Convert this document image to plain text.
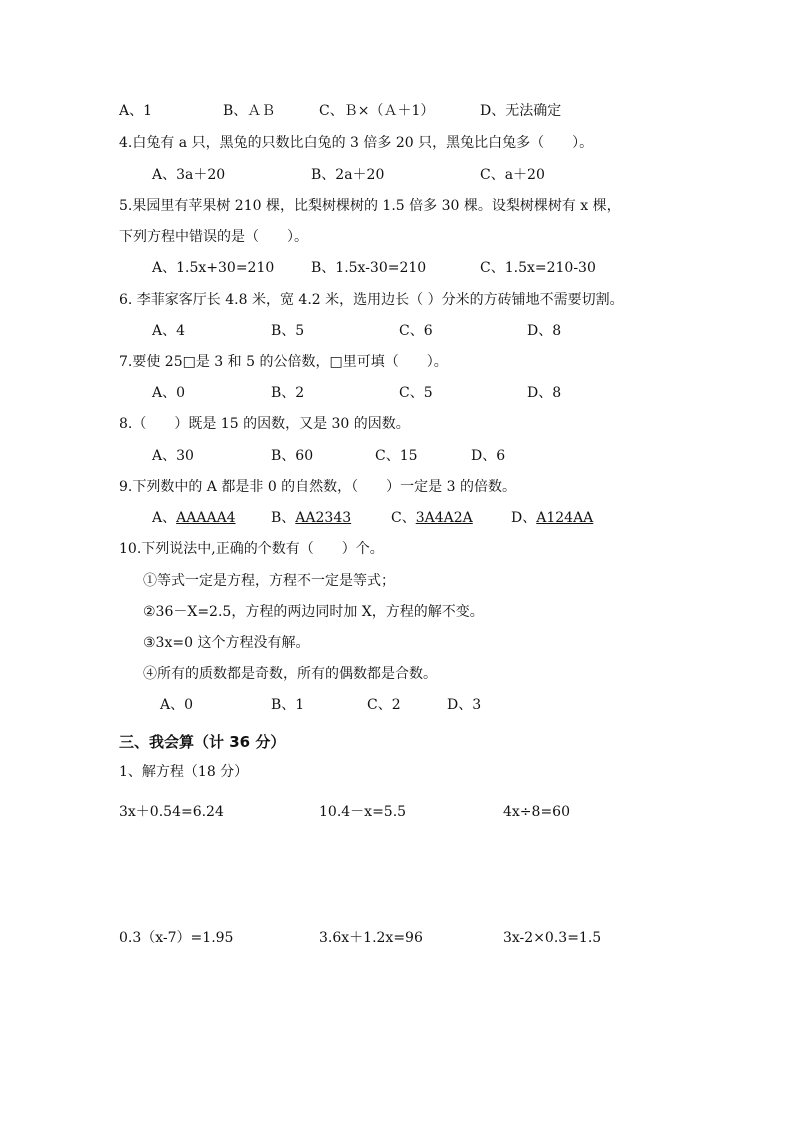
A、1	B、ＡＢ	C、Ｂ×（Ａ＋1）	D、无法确定
4.白兔有 a 只，黑兔的只数比白兔的 3 倍多 20 只，黑兔比白兔多（　　）。
A、3a＋20	B、2a＋20	C、a＋20
5.果园里有苹果树 210 棵，比梨树棵树的 1.5 倍多 30 棵。设梨树棵树有 x 棵，
下列方程中错误的是（　　）。
A、1.5x+30=210	B、1.5x-30=210	C、1.5x=210-30
6. 李菲家客厅长 4.8 米，宽 4.2 米，选用边长（ ）分米的方砖铺地不需要切割。
A、4	B、5	C、6	D、8
7.要使 25□是 3 和 5 的公倍数，□里可填（　　）。
A、0	B、2	C、5	D、8
8.（　　）既是 15 的因数，又是 30 的因数。
A、30	B、60	C、15	D、6
9.下列数中的 A 都是非 0 的自然数，（　　）一定是 3 的倍数。
A、AAAAA4	B、AA2343	C、3A4A2A	D、A124AA
10.下列说法中,正确的个数有（　　）个。
①等式一定是方程，方程不一定是等式；
②36－X=2.5，方程的两边同时加 X，方程的解不变。
③3x=0 这个方程没有解。
④所有的质数都是奇数，所有的偶数都是合数。
A、0	B、1	C、2	D、3
三、我会算（计 36 分）
1、解方程（18 分）
3x＋0.54=6.24	10.4－x=5.5	4x÷8=60
0.3（x-7）=1.95	3.6x＋1.2x=96	3x-2×0.3=1.5
